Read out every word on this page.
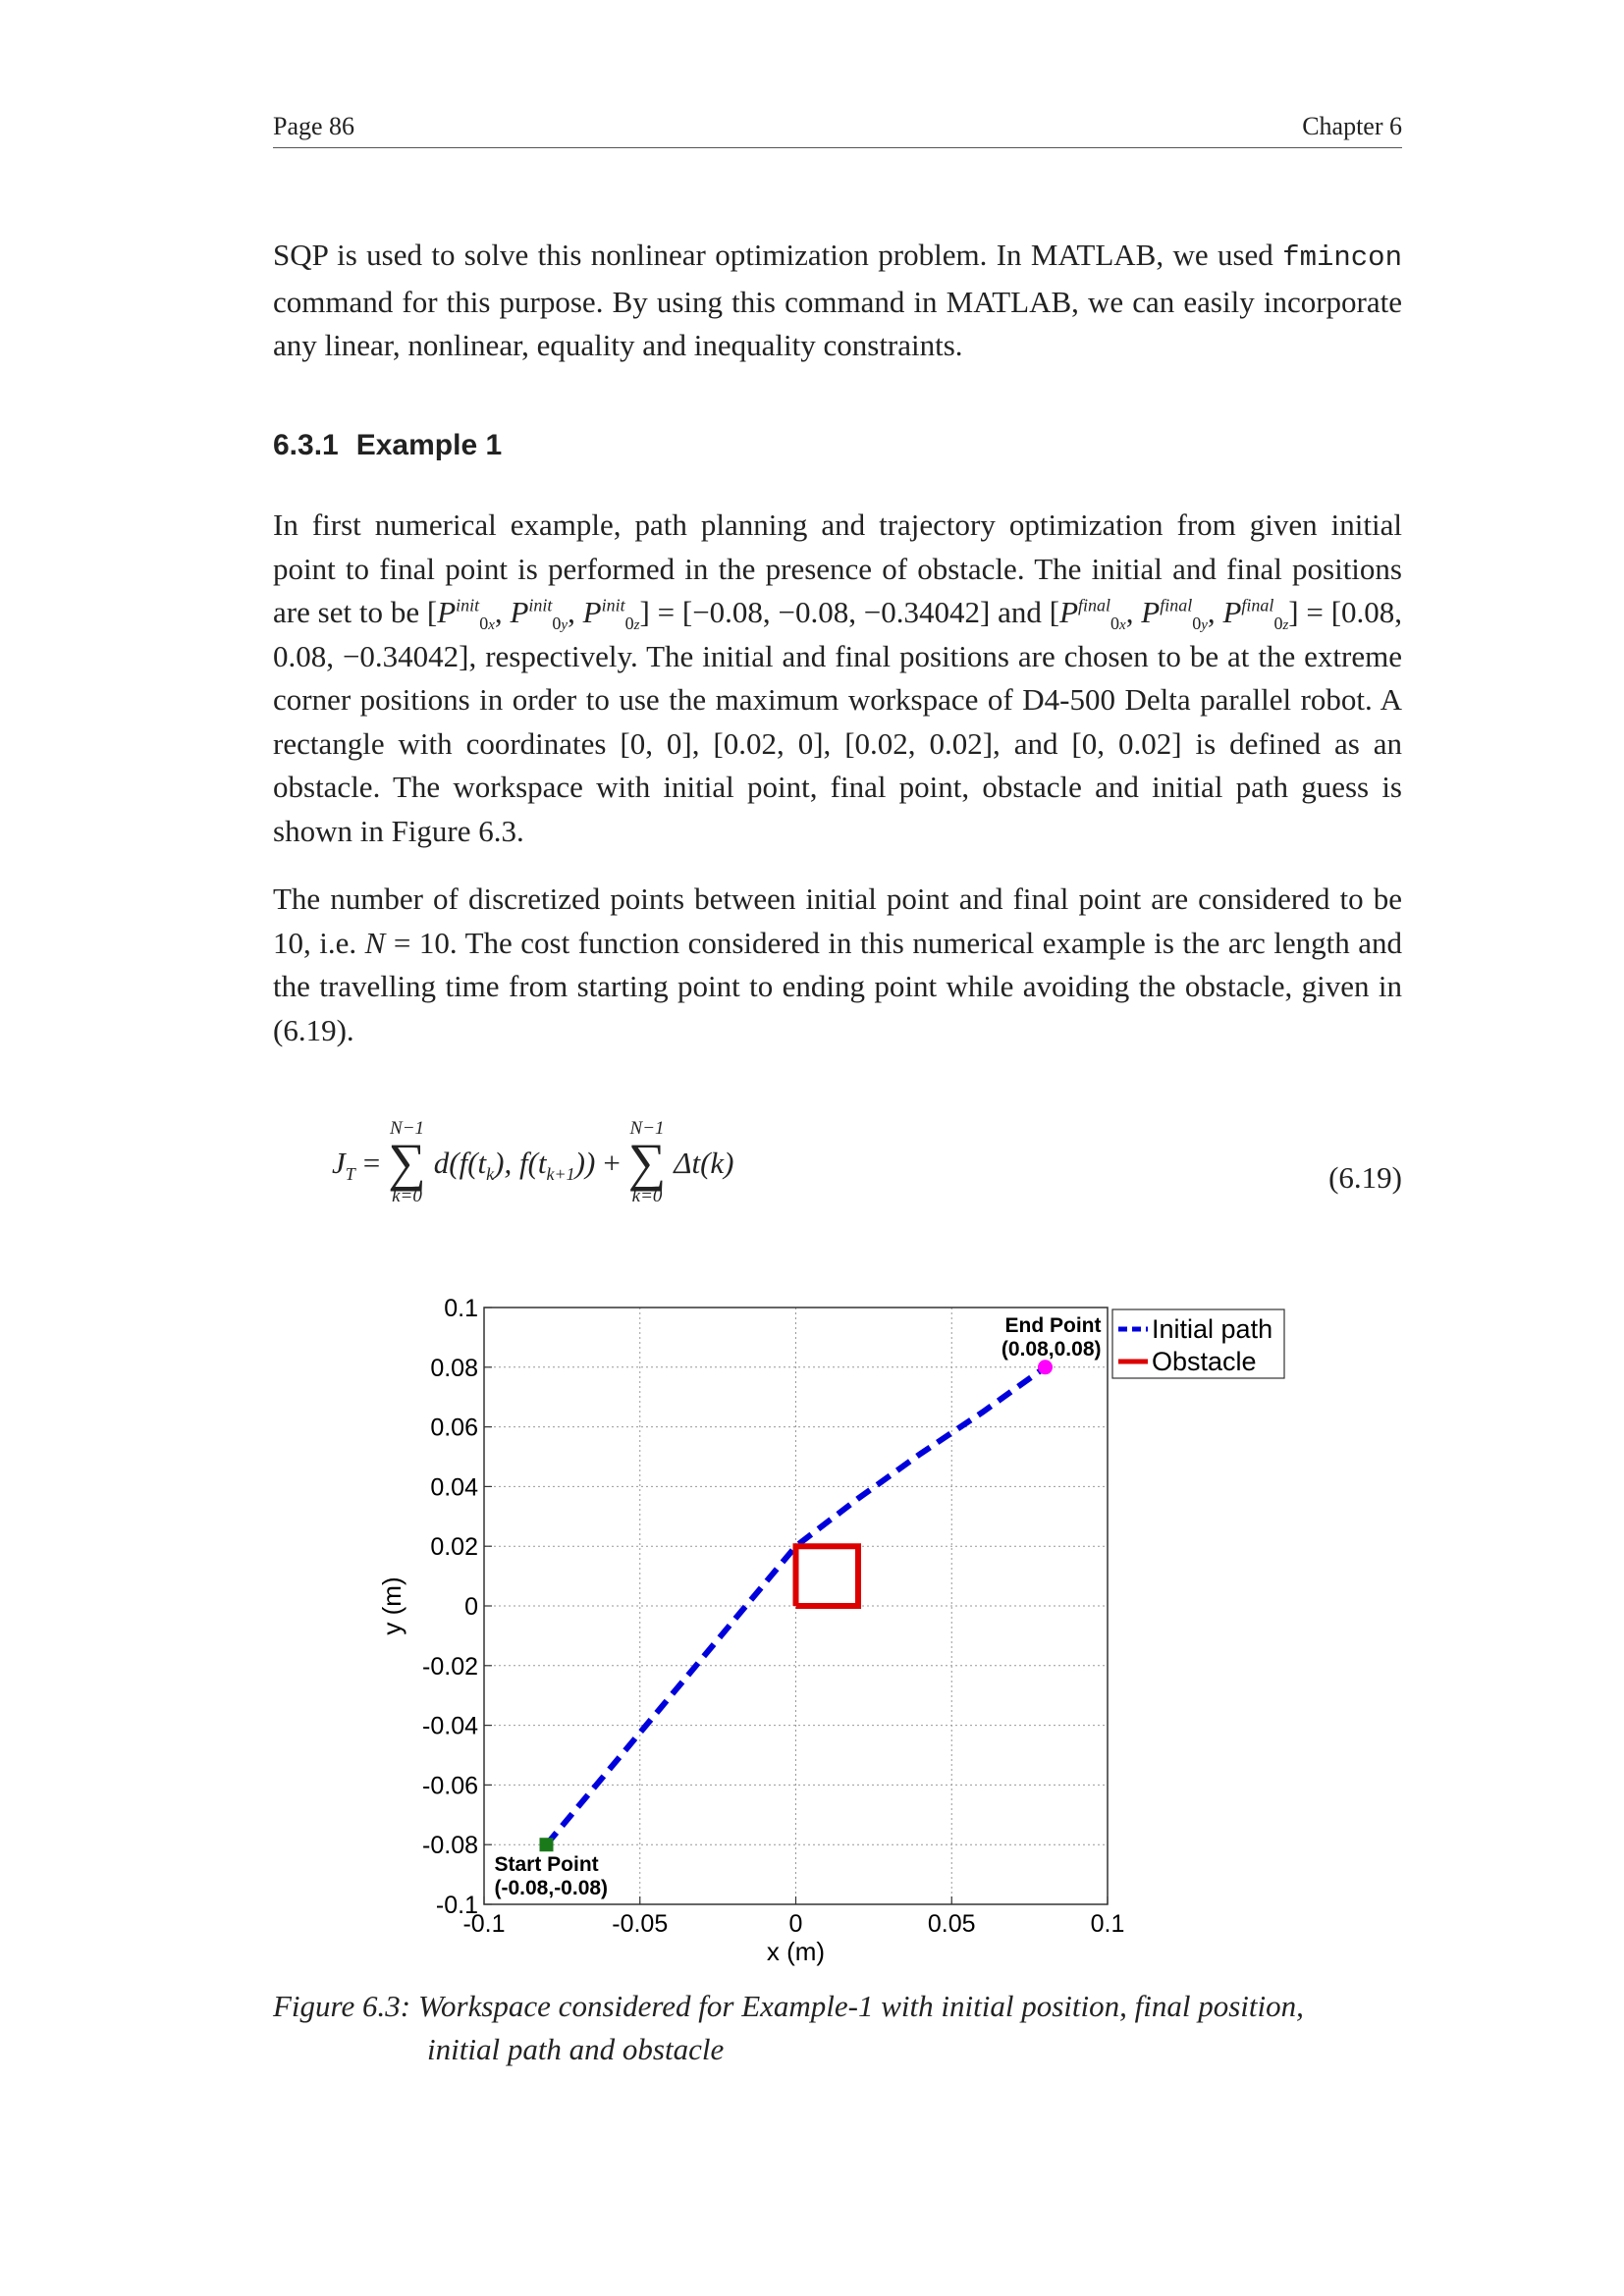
Page 86	Chapter 6
SQP is used to solve this nonlinear optimization problem. In MATLAB, we used fmincon command for this purpose. By using this command in MATLAB, we can easily incorporate any linear, nonlinear, equality and inequality constraints.
6.3.1 Example 1
In first numerical example, path planning and trajectory optimization from given initial point to final point is performed in the presence of obstacle. The initial and final positions are set to be [$P^{init}_{0x}$, $P^{init}_{0y}$, $P^{init}_{0z}] = [-0.08$, −0.08, −0.34042] and [$P^{final}_{0x}$, $P^{final}_{0y}$, $P^{final}_{0z}] = [0.08$, 0.08, −0.34042], respectively. The initial and final positions are chosen to be at the extreme corner positions in order to use the maximum workspace of D4-500 Delta parallel robot. A rectangle with coordinates [0, 0], [0.02, 0], [0.02, 0.02], and [0, 0.02] is defined as an obstacle. The workspace with initial point, final point, obstacle and initial path guess is shown in Figure 6.3.
The number of discretized points between initial point and final point are considered to be 10, i.e. N = 10. The cost function considered in this numerical example is the arc length and the travelling time from starting point to ending point while avoiding the obstacle, given in (6.19).
$J_T$ =
N−1
∑
k=0
$d(f(t_k)$, $f(t_{k+1})$) +
N−1
∑
k=0
Δt(k)	(6.19)
-0.1	-0.05	0	0.05	0.1
-0.1
-0.08
-0.06
-0.04
-0.02
0
0.02
0.04
0.06
0.08
0.1
x (m)
y (m)
Initial path
Obstacle
End Point
(0.08,0.08)
Start Point
(-0.08,-0.08)
Figure 6.3: Workspace considered for Example-1 with initial position, final position,
initial path and obstacle
